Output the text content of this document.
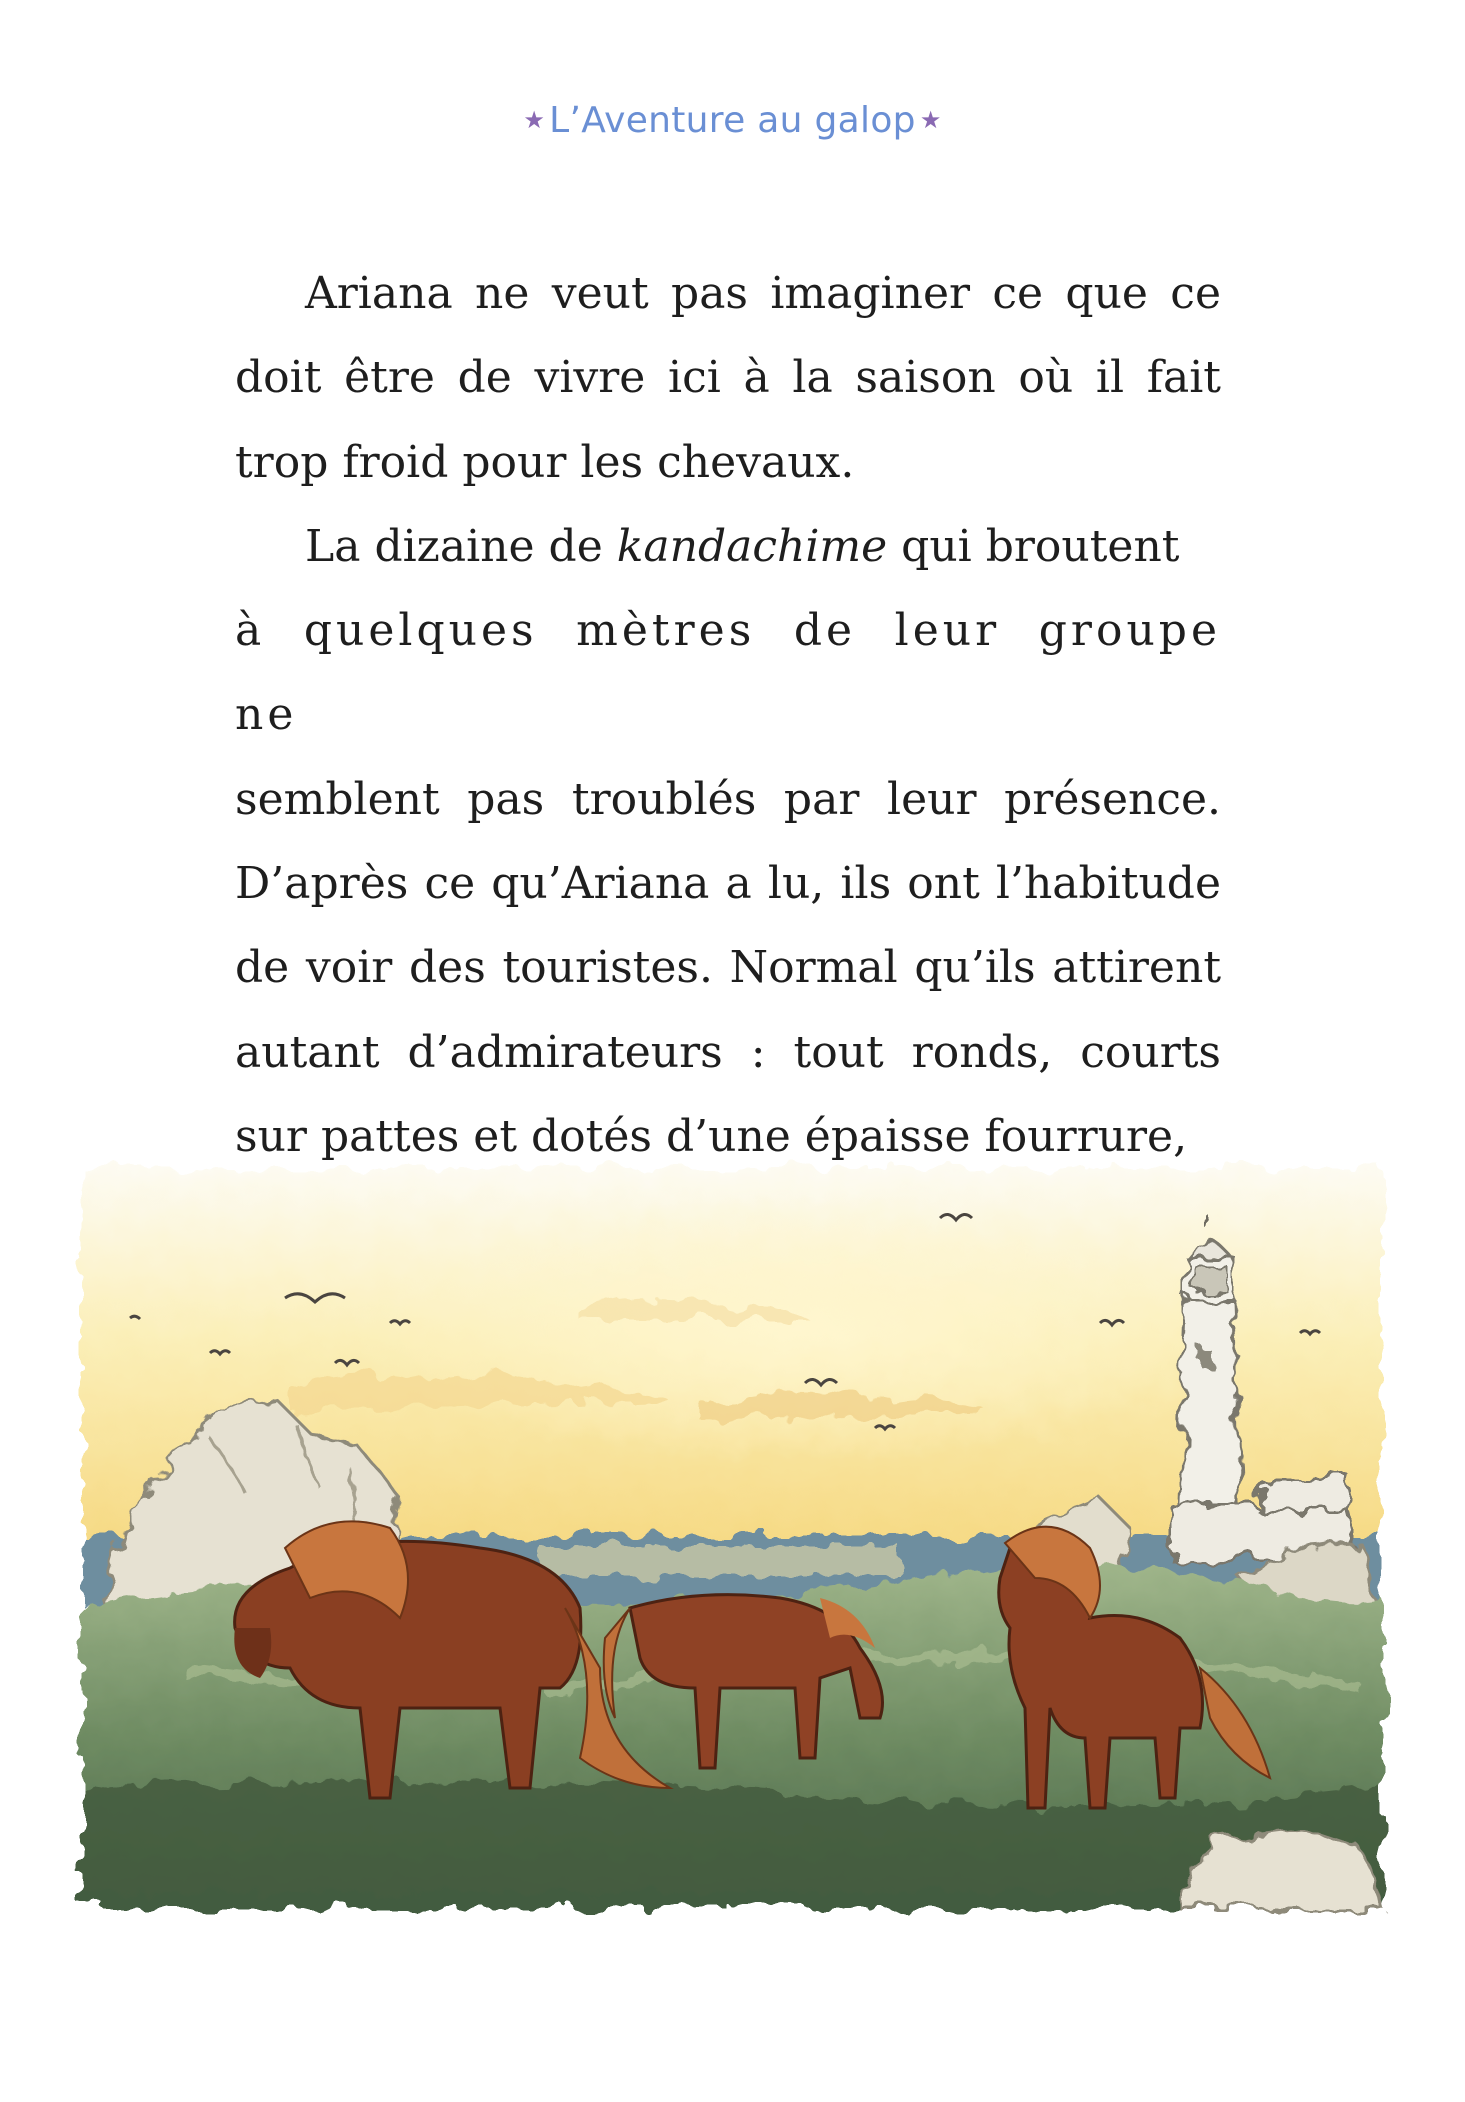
★ L’Aventure au galop ★

Ariana ne veut pas imaginer ce que ce doit être de vivre ici à la saison où il fait trop froid pour les chevaux.

La dizaine de kandachime qui broutent
à quelques mètres de leur groupe ne
semblent pas troublés par leur présence. D’après ce qu’Ariana a lu, ils ont l’habitude de voir des touristes. Normal qu’ils attirent autant d’admirateurs : tout ronds, courts sur pattes et dotés d’une épaisse fourrure,
